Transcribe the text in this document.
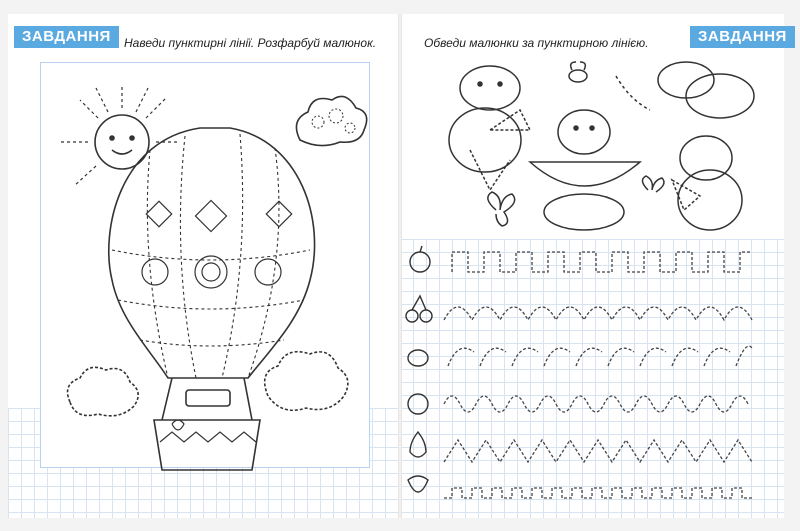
ЗАВДАННЯ	Наведи пунктирні лінії. Розфарбуй малюнок.	ЗАВДАННЯ
Обведи малюнки за пунктирною лінією.
